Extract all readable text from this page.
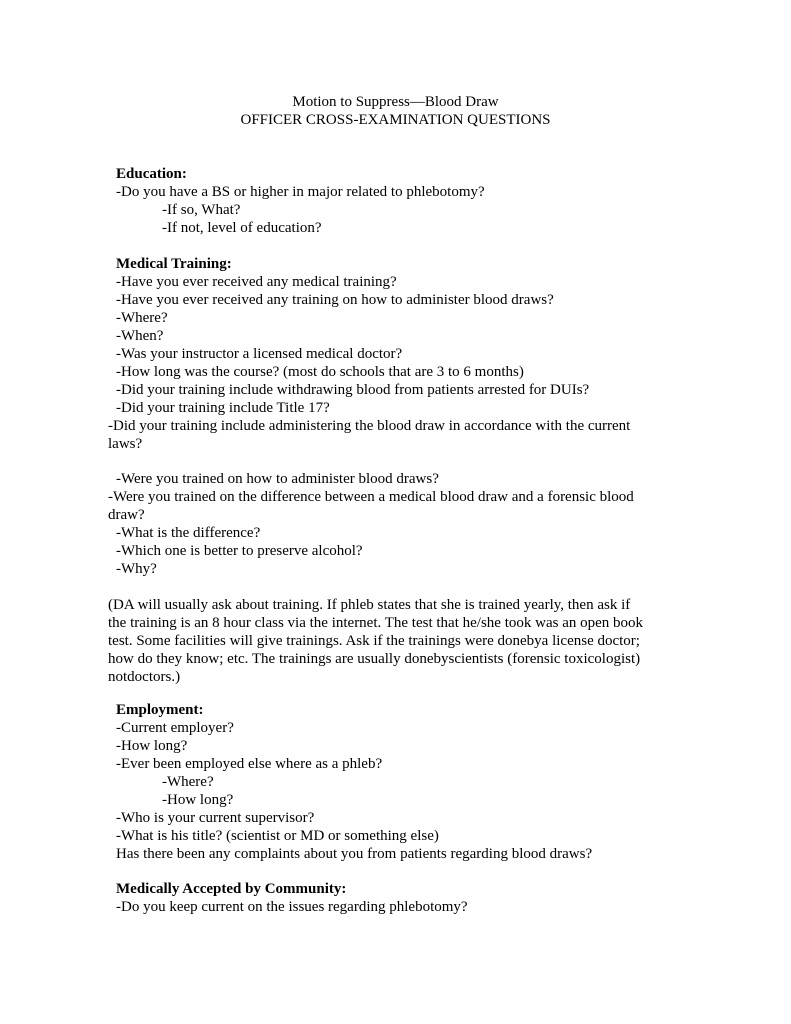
Motion to Suppress—Blood Draw
OFFICER CROSS-EXAMINATION QUESTIONS
Education:
-Do you have a BS or higher in major related to phlebotomy?
-If so, What?
-If not, level of education?
Medical Training:
-Have you ever received any medical training?
-Have you ever received any training on how to administer blood draws?
-Where?
-When?
-Was your instructor a licensed medical doctor?
-How long was the course? (most do schools that are 3 to 6 months)
-Did your training include withdrawing blood from patients arrested for DUIs?
-Did your training include Title 17?
-Did your training include administering the blood draw in accordance with the current
laws?
-Were you trained on how to administer blood draws?
-Were you trained on the difference between a medical blood draw and a forensic blood
draw?
-What is the difference?
-Which one is better to preserve alcohol?
-Why?
(DA will usually ask about training. If phleb states that she is trained yearly, then ask if
the training is an 8 hour class via the internet. The test that he/she took was an open book
test. Some facilities will give trainings. Ask if the trainings were donebya license doctor;
how do they know; etc. The trainings are usually donebyscientists (forensic toxicologist)
notdoctors.)
Employment:
-Current employer?
-How long?
-Ever been employed else where as a phleb?
-Where?
-How long?
-Who is your current supervisor?
-What is his title? (scientist or MD or something else)
Has there been any complaints about you from patients regarding blood draws?
Medically Accepted by Community:
-Do you keep current on the issues regarding phlebotomy?
